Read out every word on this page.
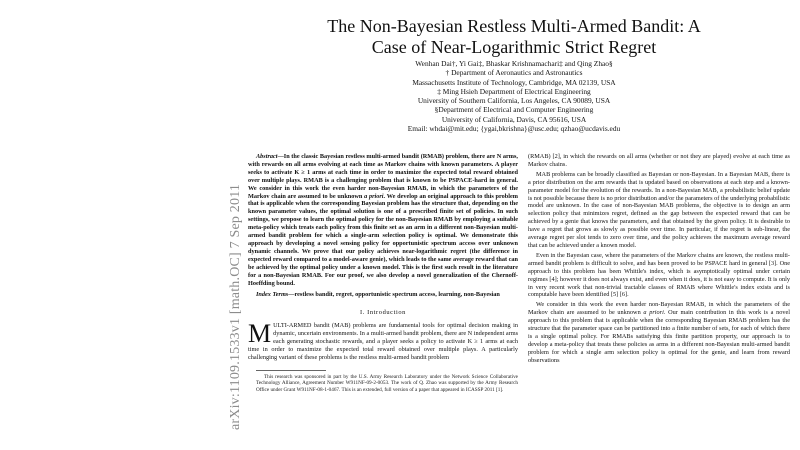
arXiv:1109.1533v1 [math.OC] 7 Sep 2011
The Non-Bayesian Restless Multi-Armed Bandit: A
Case of Near-Logarithmic Strict Regret
Wenhan Dai†, Yi Gai‡, Bhaskar Krishnamachari‡ and Qing Zhao§
† Department of Aeronautics and Astronautics
Massachusetts Institute of Technology, Cambridge, MA 02139, USA
‡ Ming Hsieh Department of Electrical Engineering
University of Southern California, Los Angeles, CA 90089, USA
§Department of Electrical and Computer Engineering
University of California, Davis, CA 95616, USA
Email: whdai@mit.edu; {ygai,bkrishna}@usc.edu; qzhao@ucdavis.edu

Abstract—In the classic Bayesian restless multi-armed bandit (RMAB) problem, there are N arms, with rewards on all arms evolving at each time as Markov chains with known parameters. A player seeks to activate K ≥ 1 arms at each time in order to maximize the expected total reward obtained over multiple plays. RMAB is a challenging problem that is known to be PSPACE-hard in general. We consider in this work the even harder non-Bayesian RMAB, in which the parameters of the Markov chain are assumed to be unknown a priori. We develop an original approach to this problem that is applicable when the corresponding Bayesian problem has the structure that, depending on the known parameter values, the optimal solution is one of a prescribed finite set of policies. In such settings, we propose to learn the optimal policy for the non-Bayesian RMAB by employing a suitable meta-policy which treats each policy from this finite set as an arm in a different non-Bayesian multi-armed bandit problem for which a single-arm selection policy is optimal. We demonstrate this approach by developing a novel sensing policy for opportunistic spectrum access over unknown dynamic channels. We prove that our policy achieves near-logarithmic regret (the difference in expected reward compared to a model-aware genie), which leads to the same average reward that can be achieved by the optimal policy under a known model. This is the first such result in the literature for a non-Bayesian RMAB. For our proof, we also develop a novel generalization of the Chernoff-Hoeffding bound.

Index Terms—restless bandit, regret, opportunistic spectrum access, learning, non-Bayesian

I. Introduction

MULTI-ARMED bandit (MAB) problems are fundamental tools for optimal decision making in dynamic, uncertain environments. In a multi-armed bandit problem, there are N independent arms each generating stochastic rewards, and a player seeks a policy to activate K ≥ 1 arms at each time in order to maximize the expected total reward obtained over multiple plays. A particularly challenging variant of these problems is the restless multi-armed bandit problem

This research was sponsored in part by the U.S. Army Research Laboratory under the Network Science Collaborative Technology Alliance, Agreement Number W911NF-09-2-0053. The work of Q. Zhao was supported by the Army Research Office under Grant W911NF-08-1-0467. This is an extended, full version of a paper that appeared in ICASSP 2011 [1].

(RMAB) [2], in which the rewards on all arms (whether or not they are played) evolve at each time as Markov chains.

MAB problems can be broadly classified as Bayesian or non-Bayesian. In a Bayesian MAB, there is a prior distribution on the arm rewards that is updated based on observations at each step and a known-parameter model for the evolution of the rewards. In a non-Bayesian MAB, a probabilistic belief update is not possible because there is no prior distribution and/or the parameters of the underlying probabilistic model are unknown. In the case of non-Bayesian MAB problems, the objective is to design an arm selection policy that minimizes regret, defined as the gap between the expected reward that can be achieved by a genie that knows the parameters, and that obtained by the given policy. It is desirable to have a regret that grows as slowly as possible over time. In particular, if the regret is sub-linear, the average regret per slot tends to zero over time, and the policy achieves the maximum average reward that can be achieved under a known model.

Even in the Bayesian case, where the parameters of the Markov chains are known, the restless multi-armed bandit problem is difficult to solve, and has been proved to be PSPACE hard in general [3]. One approach to this problem has been Whittle's index, which is asymptotically optimal under certain regimes [4]; however it does not always exist, and even when it does, it is not easy to compute. It is only in very recent work that non-trivial tractable classes of RMAB where Whittle's index exists and is computable have been identified [5] [6].

We consider in this work the even harder non-Bayesian RMAB, in which the parameters of the Markov chain are assumed to be unknown a priori. Our main contribution in this work is a novel approach to this problem that is applicable when the corresponding Bayesian RMAB problem has the structure that the parameter space can be partitioned into a finite number of sets, for each of which there is a single optimal policy. For RMABs satisfying this finite partition property, our approach is to develop a meta-policy that treats these policies as arms in a different non-Bayesian multi-armed bandit problem for which a single arm selection policy is optimal for the genie, and learn from reward observations
